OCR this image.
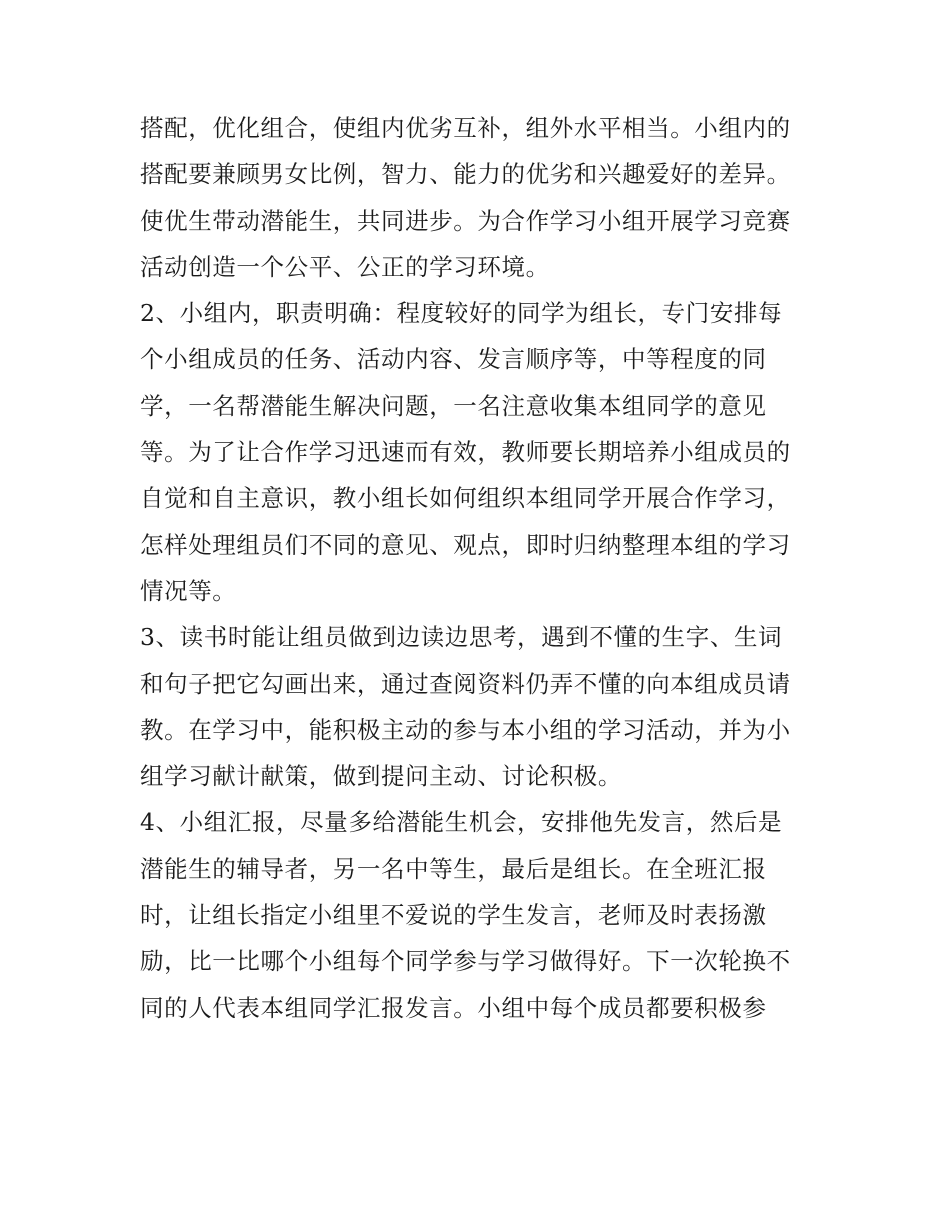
搭配，优化组合，使组内优劣互补，组外水平相当。小组内的
搭配要兼顾男女比例，智力、能力的优劣和兴趣爱好的差异。
使优生带动潜能生，共同进步。为合作学习小组开展学习竞赛
活动创造一个公平、公正的学习环境。
2、小组内，职责明确：程度较好的同学为组长，专门安排每
个小组成员的任务、活动内容、发言顺序等，中等程度的同
学，一名帮潜能生解决问题，一名注意收集本组同学的意见
等。为了让合作学习迅速而有效，教师要长期培养小组成员的
自觉和自主意识，教小组长如何组织本组同学开展合作学习，
怎样处理组员们不同的意见、观点，即时归纳整理本组的学习
情况等。
3、读书时能让组员做到边读边思考，遇到不懂的生字、生词
和句子把它勾画出来，通过查阅资料仍弄不懂的向本组成员请
教。在学习中，能积极主动的参与本小组的学习活动，并为小
组学习献计献策，做到提问主动、讨论积极。
4、小组汇报，尽量多给潜能生机会，安排他先发言，然后是
潜能生的辅导者，另一名中等生，最后是组长。在全班汇报
时，让组长指定小组里不爱说的学生发言，老师及时表扬激
励，比一比哪个小组每个同学参与学习做得好。下一次轮换不
同的人代表本组同学汇报发言。小组中每个成员都要积极参
